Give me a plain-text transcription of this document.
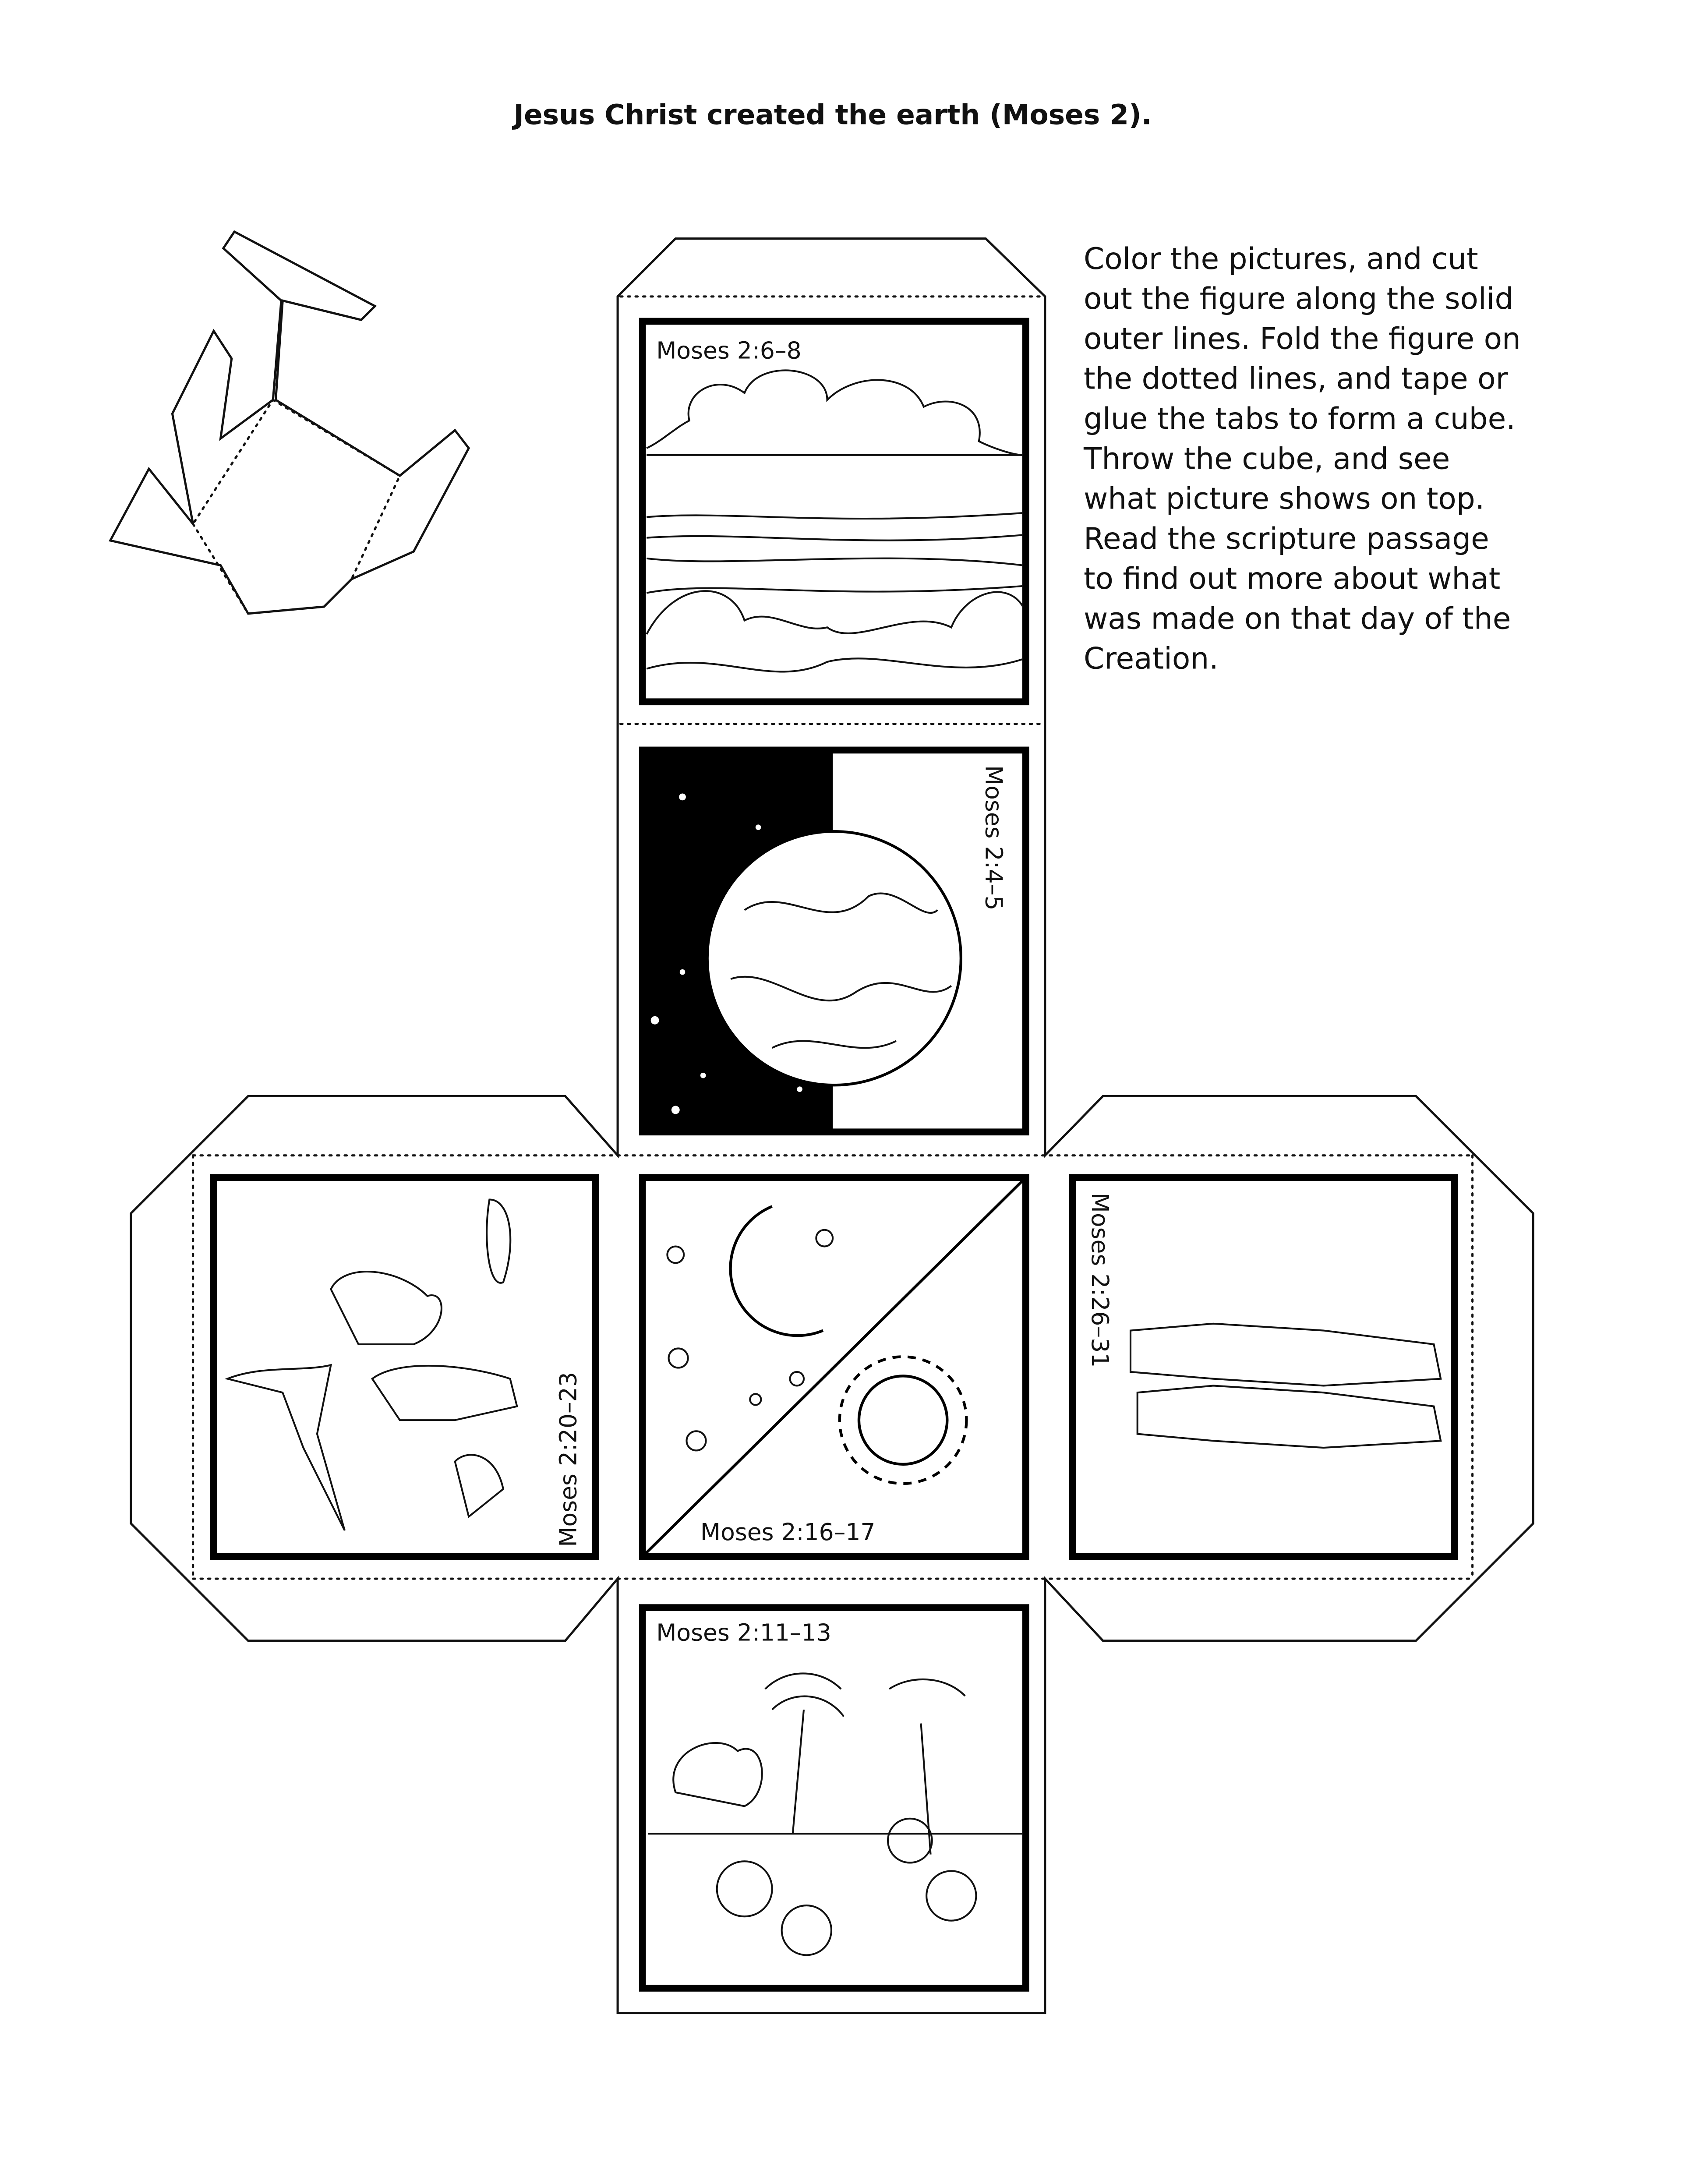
Jesus Christ created the earth (Moses 2).
Color the pictures, and cut
out the figure along the solid
outer lines. Fold the figure on
the dotted lines, and tape or
glue the tabs to form a cube.
Throw the cube, and see
what picture shows on top.
Read the scripture passage
to find out more about what
was made on that day of the
Creation.
Moses 2:6–8
Moses 2:4–5
Moses 2:20–23	Moses 2:16–17
Moses 2:26–31
Moses 2:11–13
